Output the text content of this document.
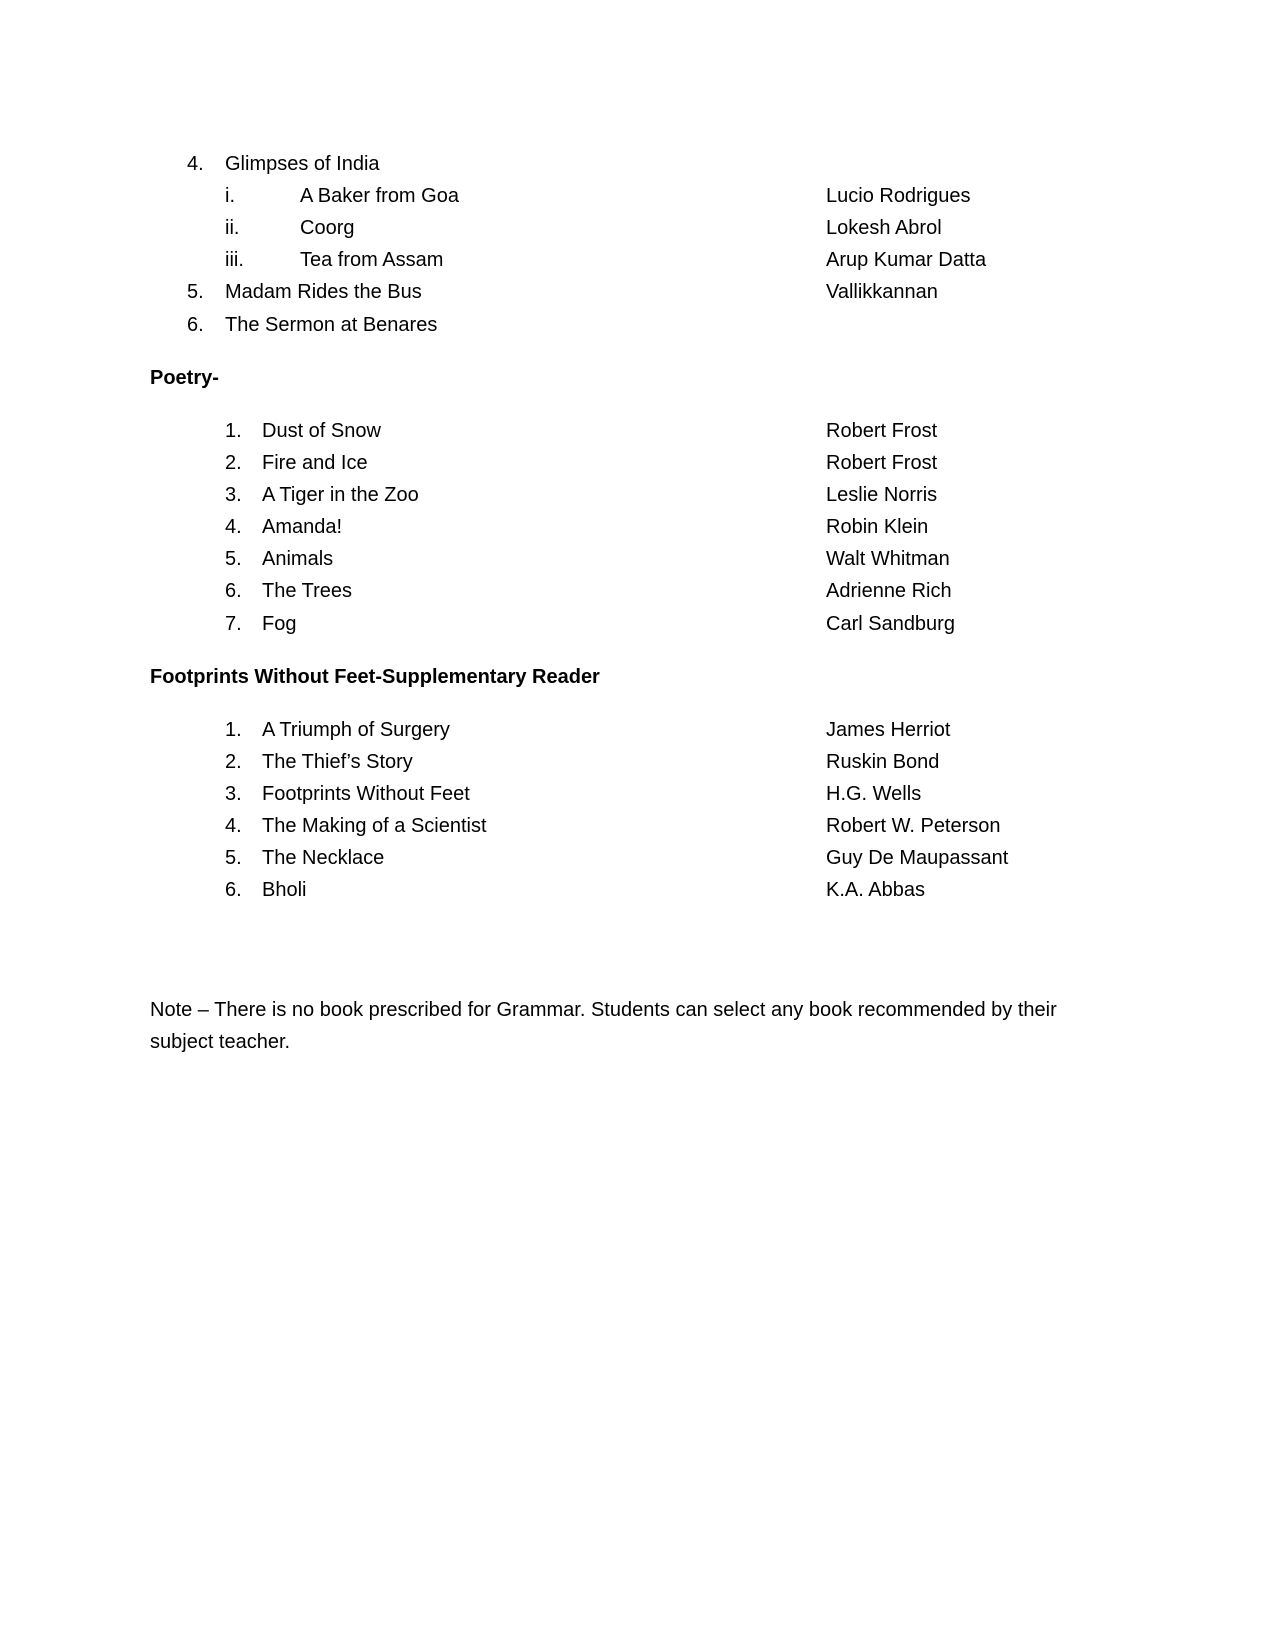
4. Glimpses of India
i.	A Baker from Goa	Lucio Rodrigues
ii.	Coorg	Lokesh Abrol
iii.	Tea from Assam	Arup Kumar Datta
5. Madam Rides the Bus	Vallikkannan
6. The Sermon at Benares
Poetry-
1. Dust of Snow	Robert Frost
2. Fire and Ice	Robert Frost
3. A Tiger in the Zoo	Leslie Norris
4. Amanda!	Robin Klein
5. Animals	Walt Whitman
6. The Trees	Adrienne Rich
7. Fog	Carl Sandburg
Footprints Without Feet-Supplementary Reader
1. A Triumph of Surgery	James Herriot
2. The Thief’s Story	Ruskin Bond
3. Footprints Without Feet	H.G. Wells
4. The Making of a Scientist	Robert W. Peterson
5. The Necklace	Guy De Maupassant
6. Bholi	K.A. Abbas
Note – There is no book prescribed for Grammar. Students can select any book recommended by their subject teacher.
